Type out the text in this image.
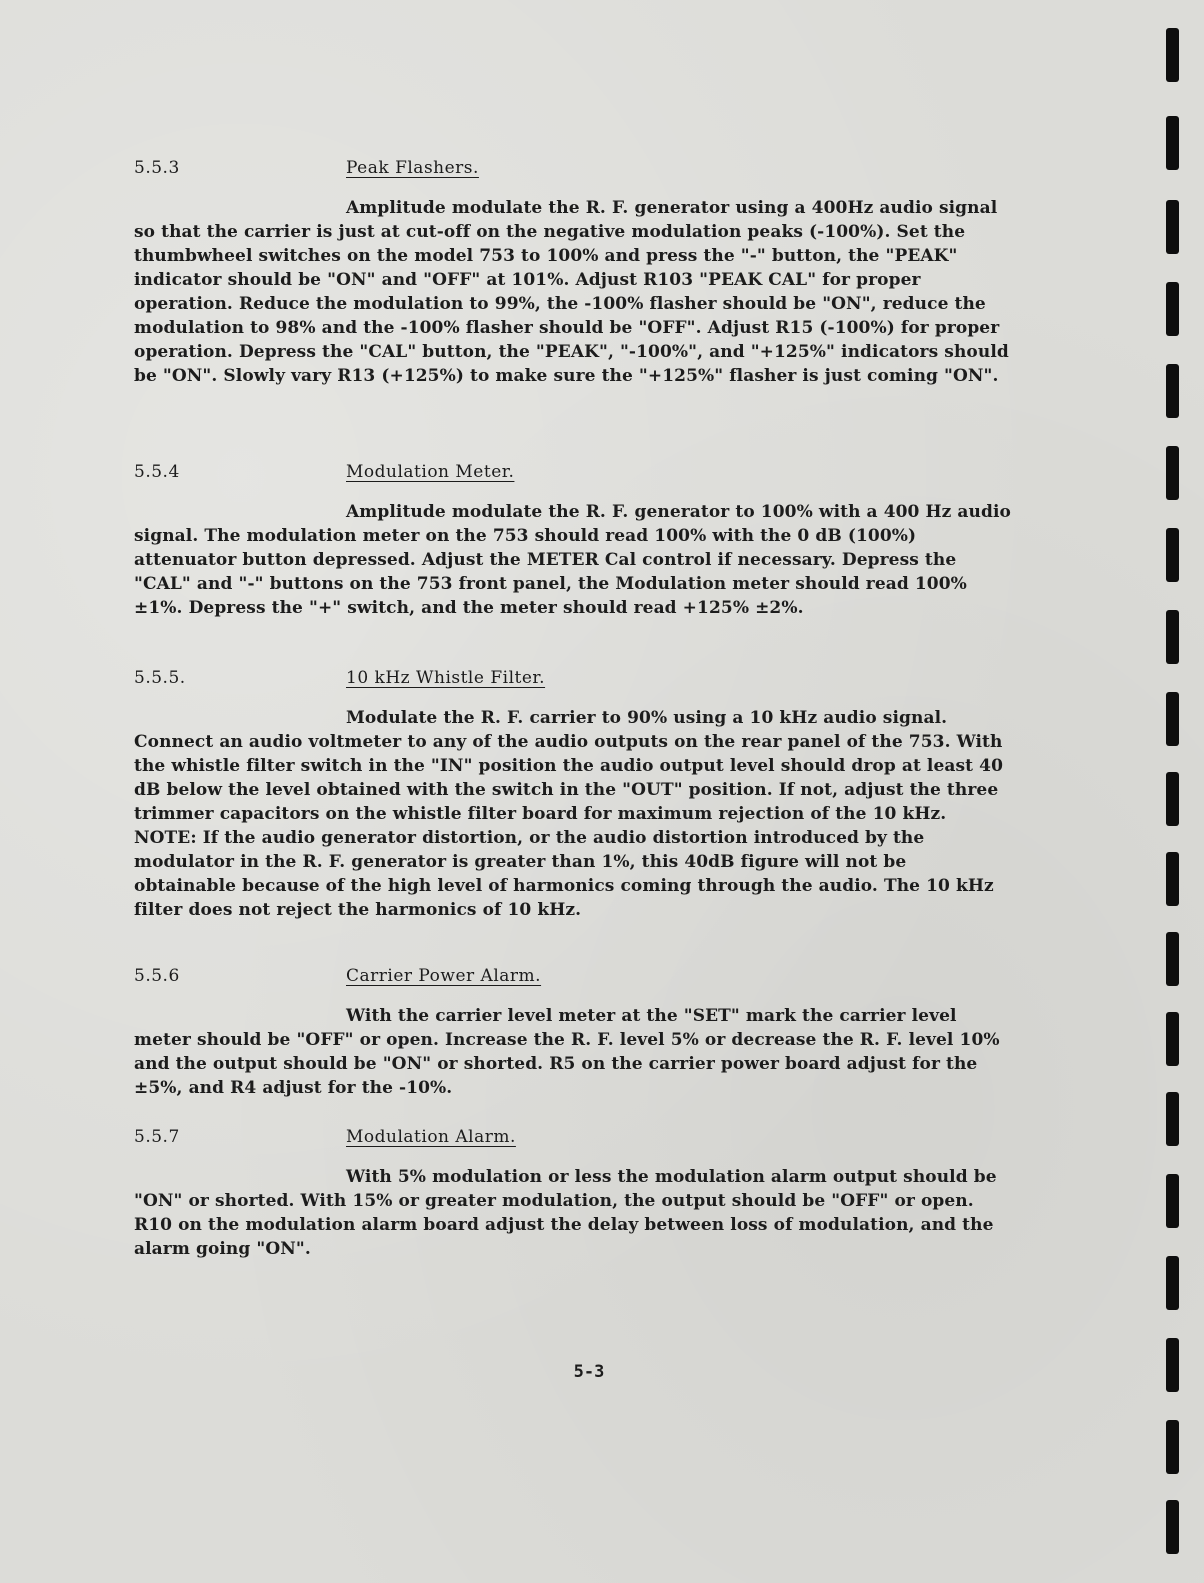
5.5.3	Peak Flashers.

Amplitude modulate the R. F. generator using a 400Hz audio signal so that the carrier is just at cut-off on the negative modulation peaks (-100%). Set the thumbwheel switches on the model 753 to 100% and press the "-" button, the "PEAK" indicator should be "ON" and "OFF" at 101%. Adjust R103 "PEAK CAL" for proper operation. Reduce the modulation to 99%, the -100% flasher should be "ON", reduce the modulation to 98% and the -100% flasher should be "OFF". Adjust R15 (-100%) for proper operation. Depress the "CAL" button, the "PEAK", "-100%", and "+125%" indicators should be "ON". Slowly vary R13 (+125%) to make sure the "+125%" flasher is just coming "ON".

5.5.4	Modulation Meter.

Amplitude modulate the R. F. generator to 100% with a 400 Hz audio signal. The modulation meter on the 753 should read 100% with the 0 dB (100%) attenuator button depressed. Adjust the METER Cal control if necessary. Depress the "CAL" and "-" buttons on the 753 front panel, the Modulation meter should read 100% ±1%. Depress the "+" switch, and the meter should read +125% ±2%.

5.5.5.	10 kHz Whistle Filter.

Modulate the R. F. carrier to 90% using a 10 kHz audio signal. Connect an audio voltmeter to any of the audio outputs on the rear panel of the 753. With the whistle filter switch in the "IN" position the audio output level should drop at least 40 dB below the level obtained with the switch in the "OUT" position. If not, adjust the three trimmer capacitors on the whistle filter board for maximum rejection of the 10 kHz. NOTE: If the audio generator distortion, or the audio distortion introduced by the modulator in the R. F. generator is greater than 1%, this 40dB figure will not be obtainable because of the high level of harmonics coming through the audio. The 10 kHz filter does not reject the harmonics of 10 kHz.

5.5.6	Carrier Power Alarm.

With the carrier level meter at the "SET" mark the carrier level meter should be "OFF" or open. Increase the R. F. level 5% or decrease the R. F. level 10% and the output should be "ON" or shorted. R5 on the carrier power board adjust for the ±5%, and R4 adjust for the -10%.

5.5.7	Modulation Alarm.

With 5% modulation or less the modulation alarm output should be "ON" or shorted. With 15% or greater modulation, the output should be "OFF" or open. R10 on the modulation alarm board adjust the delay between loss of modulation, and the alarm going "ON".

5-3
